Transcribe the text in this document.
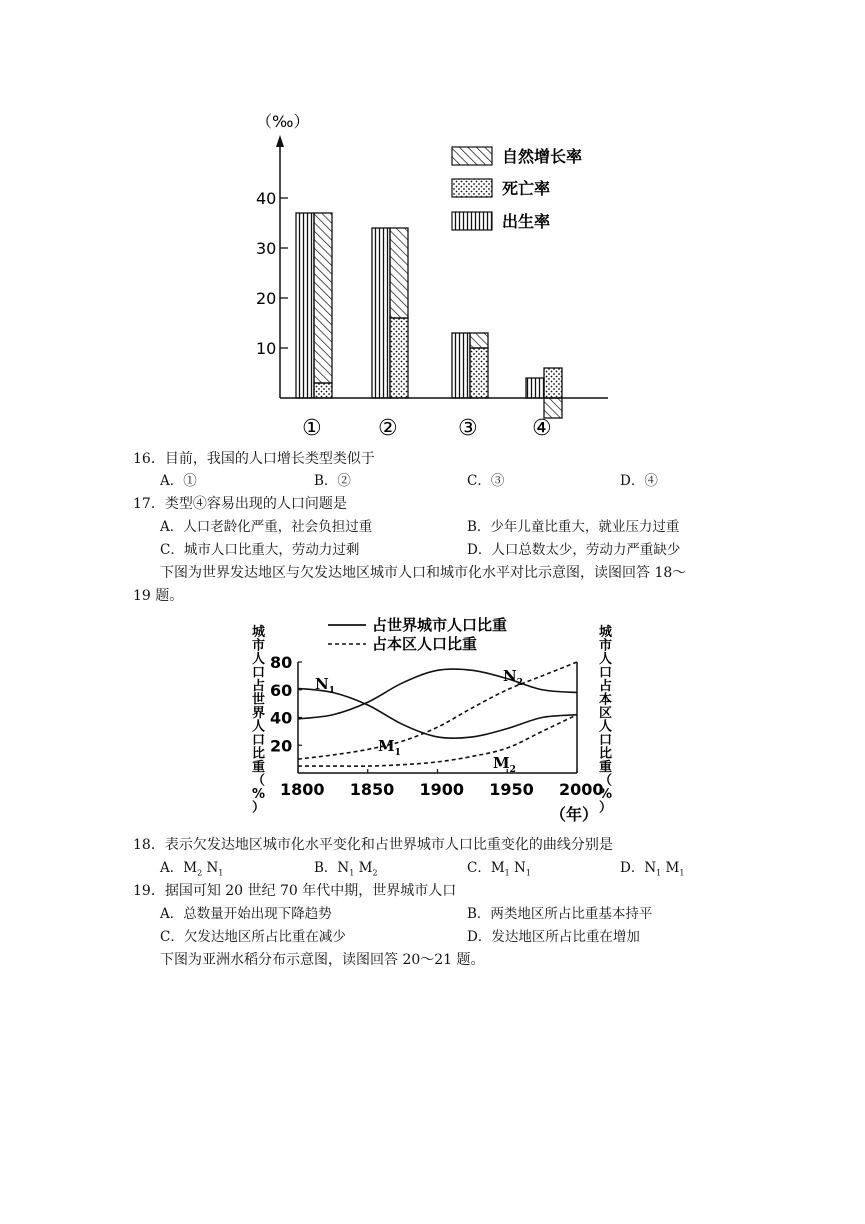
（‰）
40
30
20
10
①	②	③ ④
自然增长率
死亡率
出生率
16．目前，我国的人口增长类型类似于
A．①	B．②	C．③	D．④
17．类型④容易出现的人口问题是
A．人口老龄化严重，社会负担过重	B．少年儿童比重大，就业压力过重
C．城市人口比重大，劳动力过剩	D．人口总数太少，劳动力严重缺少
下图为世界发达地区与欠发达地区城市人口和城市化水平对比示意图，读图回答 18～
19 题。
占世界城市人口比重
占本区人口比重
城
市
人
口
占
世
界
人
口
比
重
（
%
）
城
市
人
口
占
本
区
人
口
比
重
（
%
）
80
60
40
20
1800 1850 1900 1950 2000
（年）
$N_1$
$N_2$
$M_1$
$M_2$
18．表示欠发达地区城市化水平变化和占世界城市人口比重变化的曲线分别是
A．$M_2$ $N_1$	B．$N_1$ $M_2$	C．$M_1$ $N_1$	D．$N_1$ $M_1$
19．据国可知 20 世纪 70 年代中期，世界城市人口
A．总数量开始出现下降趋势	B．两类地区所占比重基本持平
C．欠发达地区所占比重在减少	D．发达地区所占比重在增加
下图为亚洲水稻分布示意图，读图回答 20～21 题。
